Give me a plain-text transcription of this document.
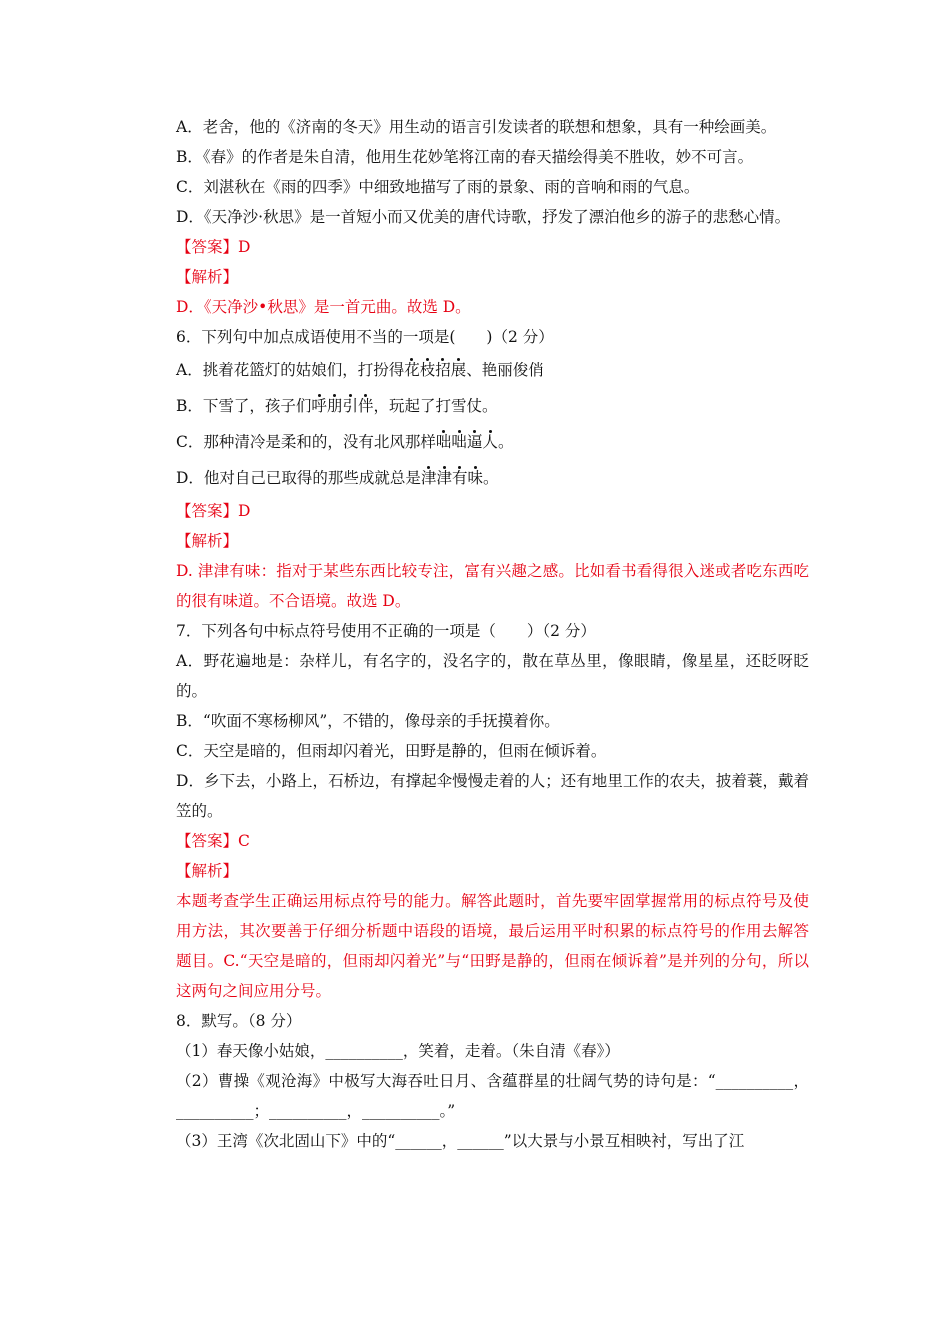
A．老舍，他的《济南的冬天》用生动的语言引发读者的联想和想象，具有一种绘画美。

B．《春》的作者是朱自清，他用生花妙笔将江南的春天描绘得美不胜收，妙不可言。

C．刘湛秋在《雨的四季》中细致地描写了雨的景象、雨的音响和雨的气息。

D．《天净沙·秋思》是一首短小而又优美的唐代诗歌，抒发了漂泊他乡的游子的悲愁心情。

【答案】D

【解析】

D．《天净沙•秋思》是一首元曲。故选 D。

6．下列句中加点成语使用不当的一项是(　　)（2 分）

A．挑着花篮灯的姑娘们，打扮得花枝招展、艳丽俊俏

B．下雪了，孩子们呼朋引伴，玩起了打雪仗。

C．那种清冷是柔和的，没有北风那样咄咄逼人。

D．他对自己已取得的那些成就总是津津有味。

【答案】D

【解析】

D. 津津有味：指对于某些东西比较专注，富有兴趣之感。比如看书看得很入迷或者吃东西吃的很有味道。不合语境。故选 D。

7．下列各句中标点符号使用不正确的一项是（　　）（2 分）

A．野花遍地是：杂样儿，有名字的，没名字的，散在草丛里，像眼睛，像星星，还眨呀眨的。

B．“吹面不寒杨柳风”，不错的，像母亲的手抚摸着你。

C．天空是暗的，但雨却闪着光，田野是静的，但雨在倾诉着。

D．乡下去，小路上，石桥边，有撑起伞慢慢走着的人；还有地里工作的农夫，披着蓑，戴着笠的。

【答案】C

【解析】

本题考查学生正确运用标点符号的能力。解答此题时，首先要牢固掌握常用的标点符号及使用方法，其次要善于仔细分析题中语段的语境，最后运用平时积累的标点符号的作用去解答题目。C.“天空是暗的，但雨却闪着光”与“田野是静的，但雨在倾诉着”是并列的分句，所以这两句之间应用分号。

8．默写。（8 分）

（1）春天像小姑娘，__________，笑着，走着。（朱自清《春》）

（2）曹操《观沧海》中极写大海吞吐日月、含蕴群星的壮阔气势的诗句是：“__________，__________；__________，__________。”

（3）王湾《次北固山下》中的“______，______”以大景与小景互相映衬，写出了江
